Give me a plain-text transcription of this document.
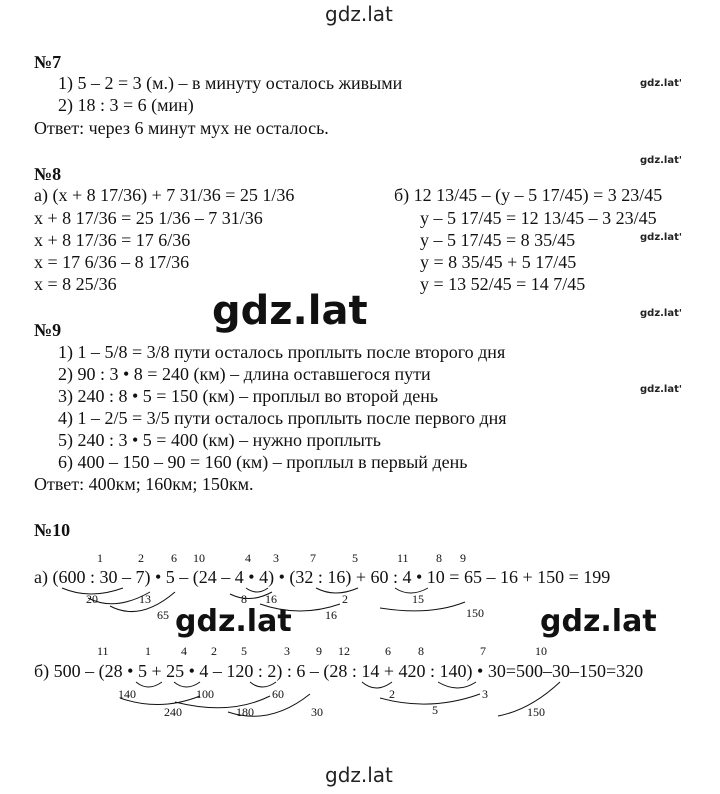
gdz.lat
gdz.lat
gdz.lat'
gdz.lat'
gdz.lat'
gdz.lat'
gdz.lat'
gdz.lat
gdz.lat	gdz.lat
№7
1) 5 – 2 = 3 (м.) – в минуту осталось живыми
2) 18 : 3 = 6 (мин)
Ответ: через 6 минут мух не осталось.
№8
а) (x + 8 17/36) + 7 31/36 = 25 1/36
x + 8 17/36 = 25 1/36 – 7 31/36
x + 8 17/36 = 17 6/36
x = 17 6/36 – 8 17/36
x = 8 25/36
б) 12 13/45 – (y – 5 17/45) = 3 23/45
y – 5 17/45 = 12 13/45 – 3 23/45
y – 5 17/45 = 8 35/45
y = 8 35/45 + 5 17/45
y = 13 52/45 = 14 7/45
№9
1) 1 – 5/8 = 3/8 пути осталось проплыть после второго дня
2) 90 : 3 • 8 = 240 (км) – длина оставшегося пути
3) 240 : 8 • 5 = 150 (км) – проплыл во второй день
4) 1 – 2/5 = 3/5 пути осталось проплыть после первого дня
5) 240 : 3 • 5 = 400 (км) – нужно проплыть
6) 400 – 150 – 90 = 160 (км) – проплыл в первый день
Ответ: 400км; 160км; 150км.
№10
1	2 6 10	4 3	7	5	11 8 9
а) (600 : 30 – 7) • 5 – (24 – 4 • 4) • (32 : 16) + 60 : 4 • 10 = 65 – 16 + 150 = 199
20	13
65
8 16	2
16
15
150
11	1	4 2 5	3 9 12	6 8	7	10
б) 500 – (28 • 5 + 25 • 4 – 120 : 2) : 6 – (28 : 14 + 420 : 140) • 30=500–30–150=320
140	100	60
240	180	30
2	3
5	150
